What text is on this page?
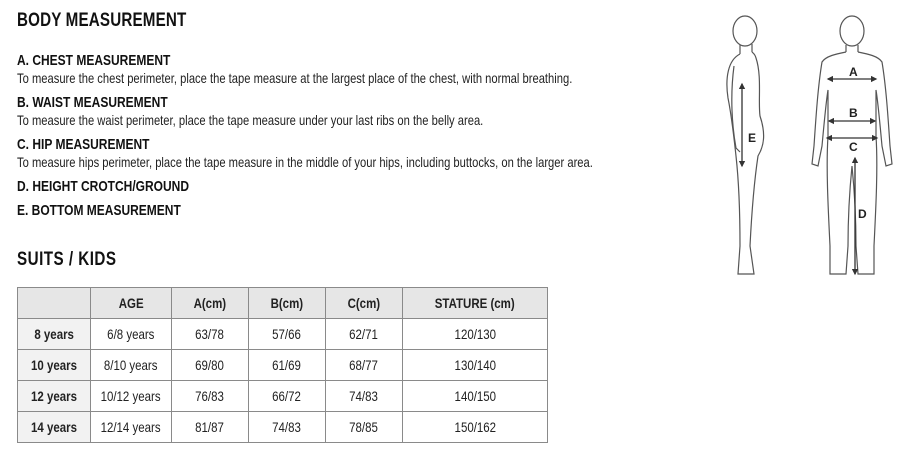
BODY MEASUREMENT
A. CHEST MEASUREMENT
To measure the chest perimeter, place the tape measure at the largest place of the chest, with normal breathing.
B. WAIST MEASUREMENT
To measure the waist perimeter, place the tape measure under your last ribs on the belly area.
C. HIP MEASUREMENT
To measure hips perimeter, place the tape measure in the middle of your hips, including buttocks, on the larger area.
D. HEIGHT CROTCH/GROUND
E. BOTTOM MEASUREMENT
SUITS / KIDS
	AGE	A(cm)	B(cm)	C(cm)	STATURE (cm)
8 years	6/8 years	63/78	57/66	62/71	120/130
10 years	8/10 years	69/80	61/69	68/77	130/140
12 years	10/12 years	76/83	66/72	74/83	140/150
14 years	12/14 years	81/87	74/83	78/85	150/162
A
B
C
D
E
